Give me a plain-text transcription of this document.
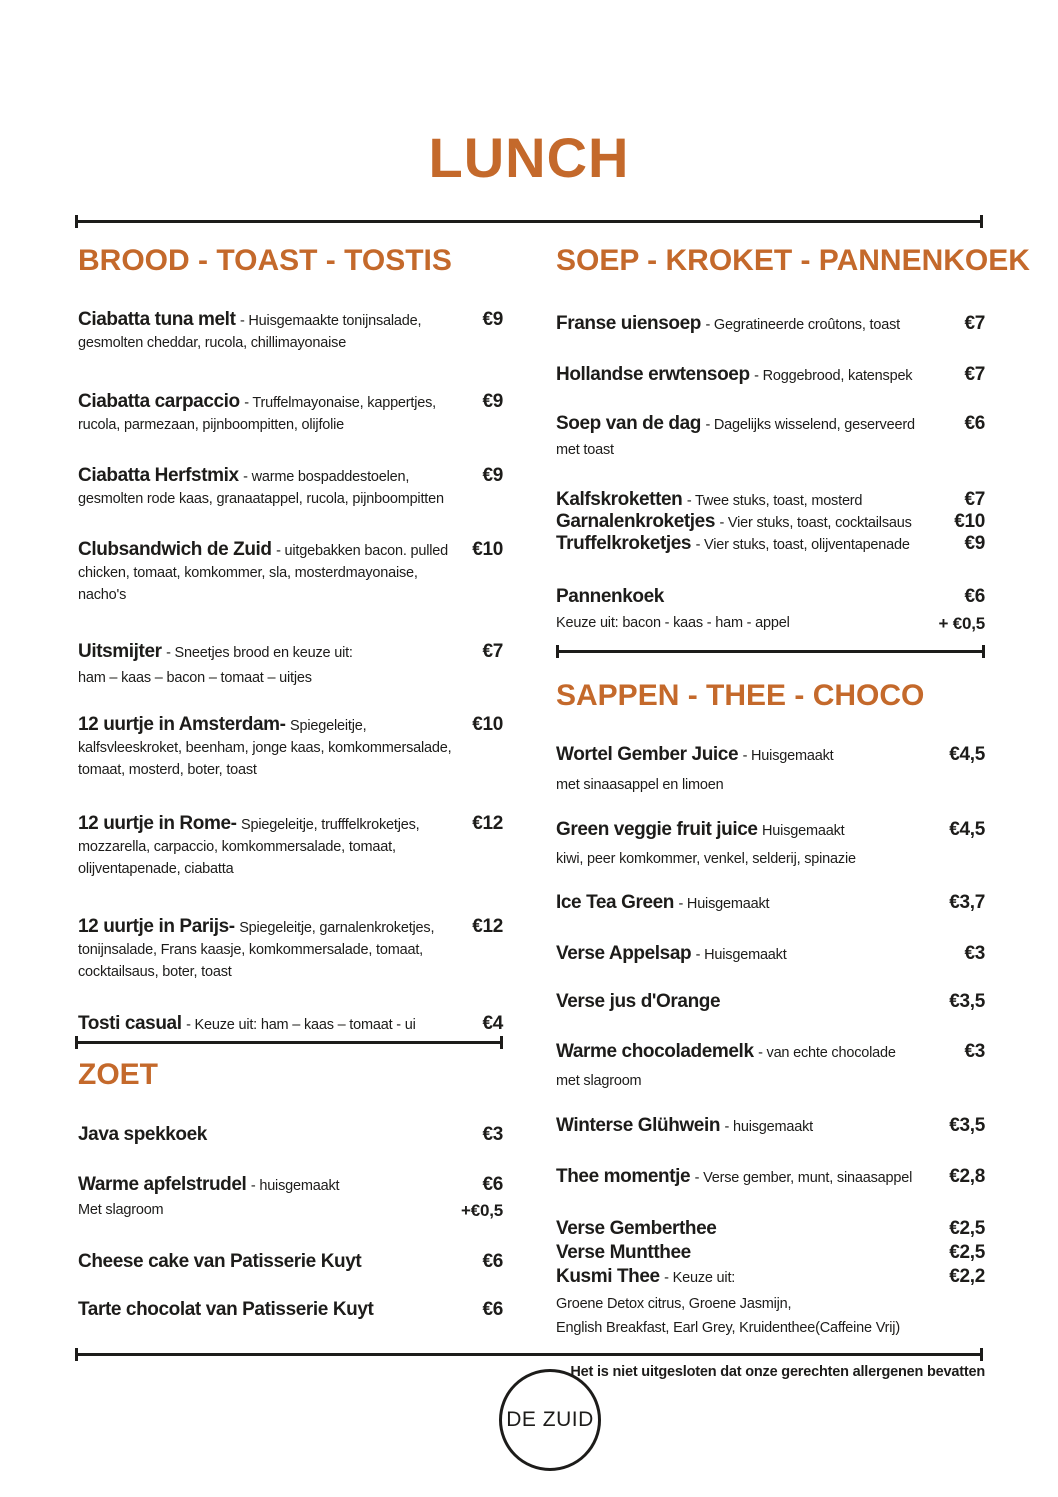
LUNCH
BROOD - TOAST - TOSTIS
Ciabatta tuna melt - Huisgemaakte tonijnsalade, gesmolten cheddar, rucola, chillimayonaise
€9
Ciabatta carpaccio - Truffelmayonaise, kappertjes, rucola, parmezaan, pijnboompitten, olijfolie
€9
Ciabatta Herfstmix - warme bospaddestoelen, gesmolten rode kaas, granaatappel, rucola, pijnboompitten
€9
Clubsandwich de Zuid - uitgebakken bacon. pulled chicken, tomaat, komkommer, sla, mosterdmayonaise, nacho's
€10
Uitsmijter - Sneetjes brood en keuze uit:	€7
ham – kaas – bacon – tomaat – uitjes
12 uurtje in Amsterdam- Spiegeleitje, kalfsvleeskroket, beenham, jonge kaas, komkommersalade, tomaat, mosterd, boter, toast
€10
12 uurtje in Rome- Spiegeleitje, trufffelkroketjes, mozzarella, carpaccio, komkommersalade, tomaat, olijventapenade, ciabatta
€12
12 uurtje in Parijs- Spiegeleitje, garnalenkroketjes, tonijnsalade, Frans kaasje, komkommersalade, tomaat, cocktailsaus, boter, toast
€12
Tosti casual - Keuze uit: ham – kaas – tomaat - ui	€4
ZOET
Java spekkoek	€3
Warme apfelstrudel - huisgemaakt	€6
Met slagroom	+€0,5
Cheese cake van Patisserie Kuyt	€6
Tarte chocolat van Patisserie Kuyt	€6
SOEP - KROKET - PANNENKOEK
Franse uiensoep - Gegratineerde croûtons, toast	€7
Hollandse erwtensoep - Roggebrood, katenspek	€7
Soep van de dag - Dagelijks wisselend, geserveerd	€6
met toast
Kalfskroketten - Twee stuks, toast, mosterd	€7
Garnalenkroketjes - Vier stuks, toast, cocktailsaus	€10
Truffelkroketjes - Vier stuks, toast, olijventapenade	€9
Pannenkoek	€6
Keuze uit: bacon - kaas - ham - appel	+ €0,5
SAPPEN - THEE - CHOCO
Wortel Gember Juice - Huisgemaakt	€4,5
met sinaasappel en limoen
Green veggie fruit juice Huisgemaakt	€4,5
kiwi, peer komkommer, venkel, selderij, spinazie
Ice Tea Green - Huisgemaakt	€3,7
Verse Appelsap - Huisgemaakt	€3
Verse jus d'Orange	€3,5
Warme chocolademelk - van echte chocolade	€3
met slagroom
Winterse Glühwein - huisgemaakt	€3,5
Thee momentje - Verse gember, munt, sinaasappel	€2,8
Verse Gemberthee	€2,5
Verse Muntthee	€2,5
Kusmi Thee - Keuze uit:	€2,2
Groene Detox citrus, Groene Jasmijn,
English Breakfast, Earl Grey, Kruidenthee(Caffeine Vrij)
Het is niet uitgesloten dat onze gerechten allergenen bevatten
DE ZUID
